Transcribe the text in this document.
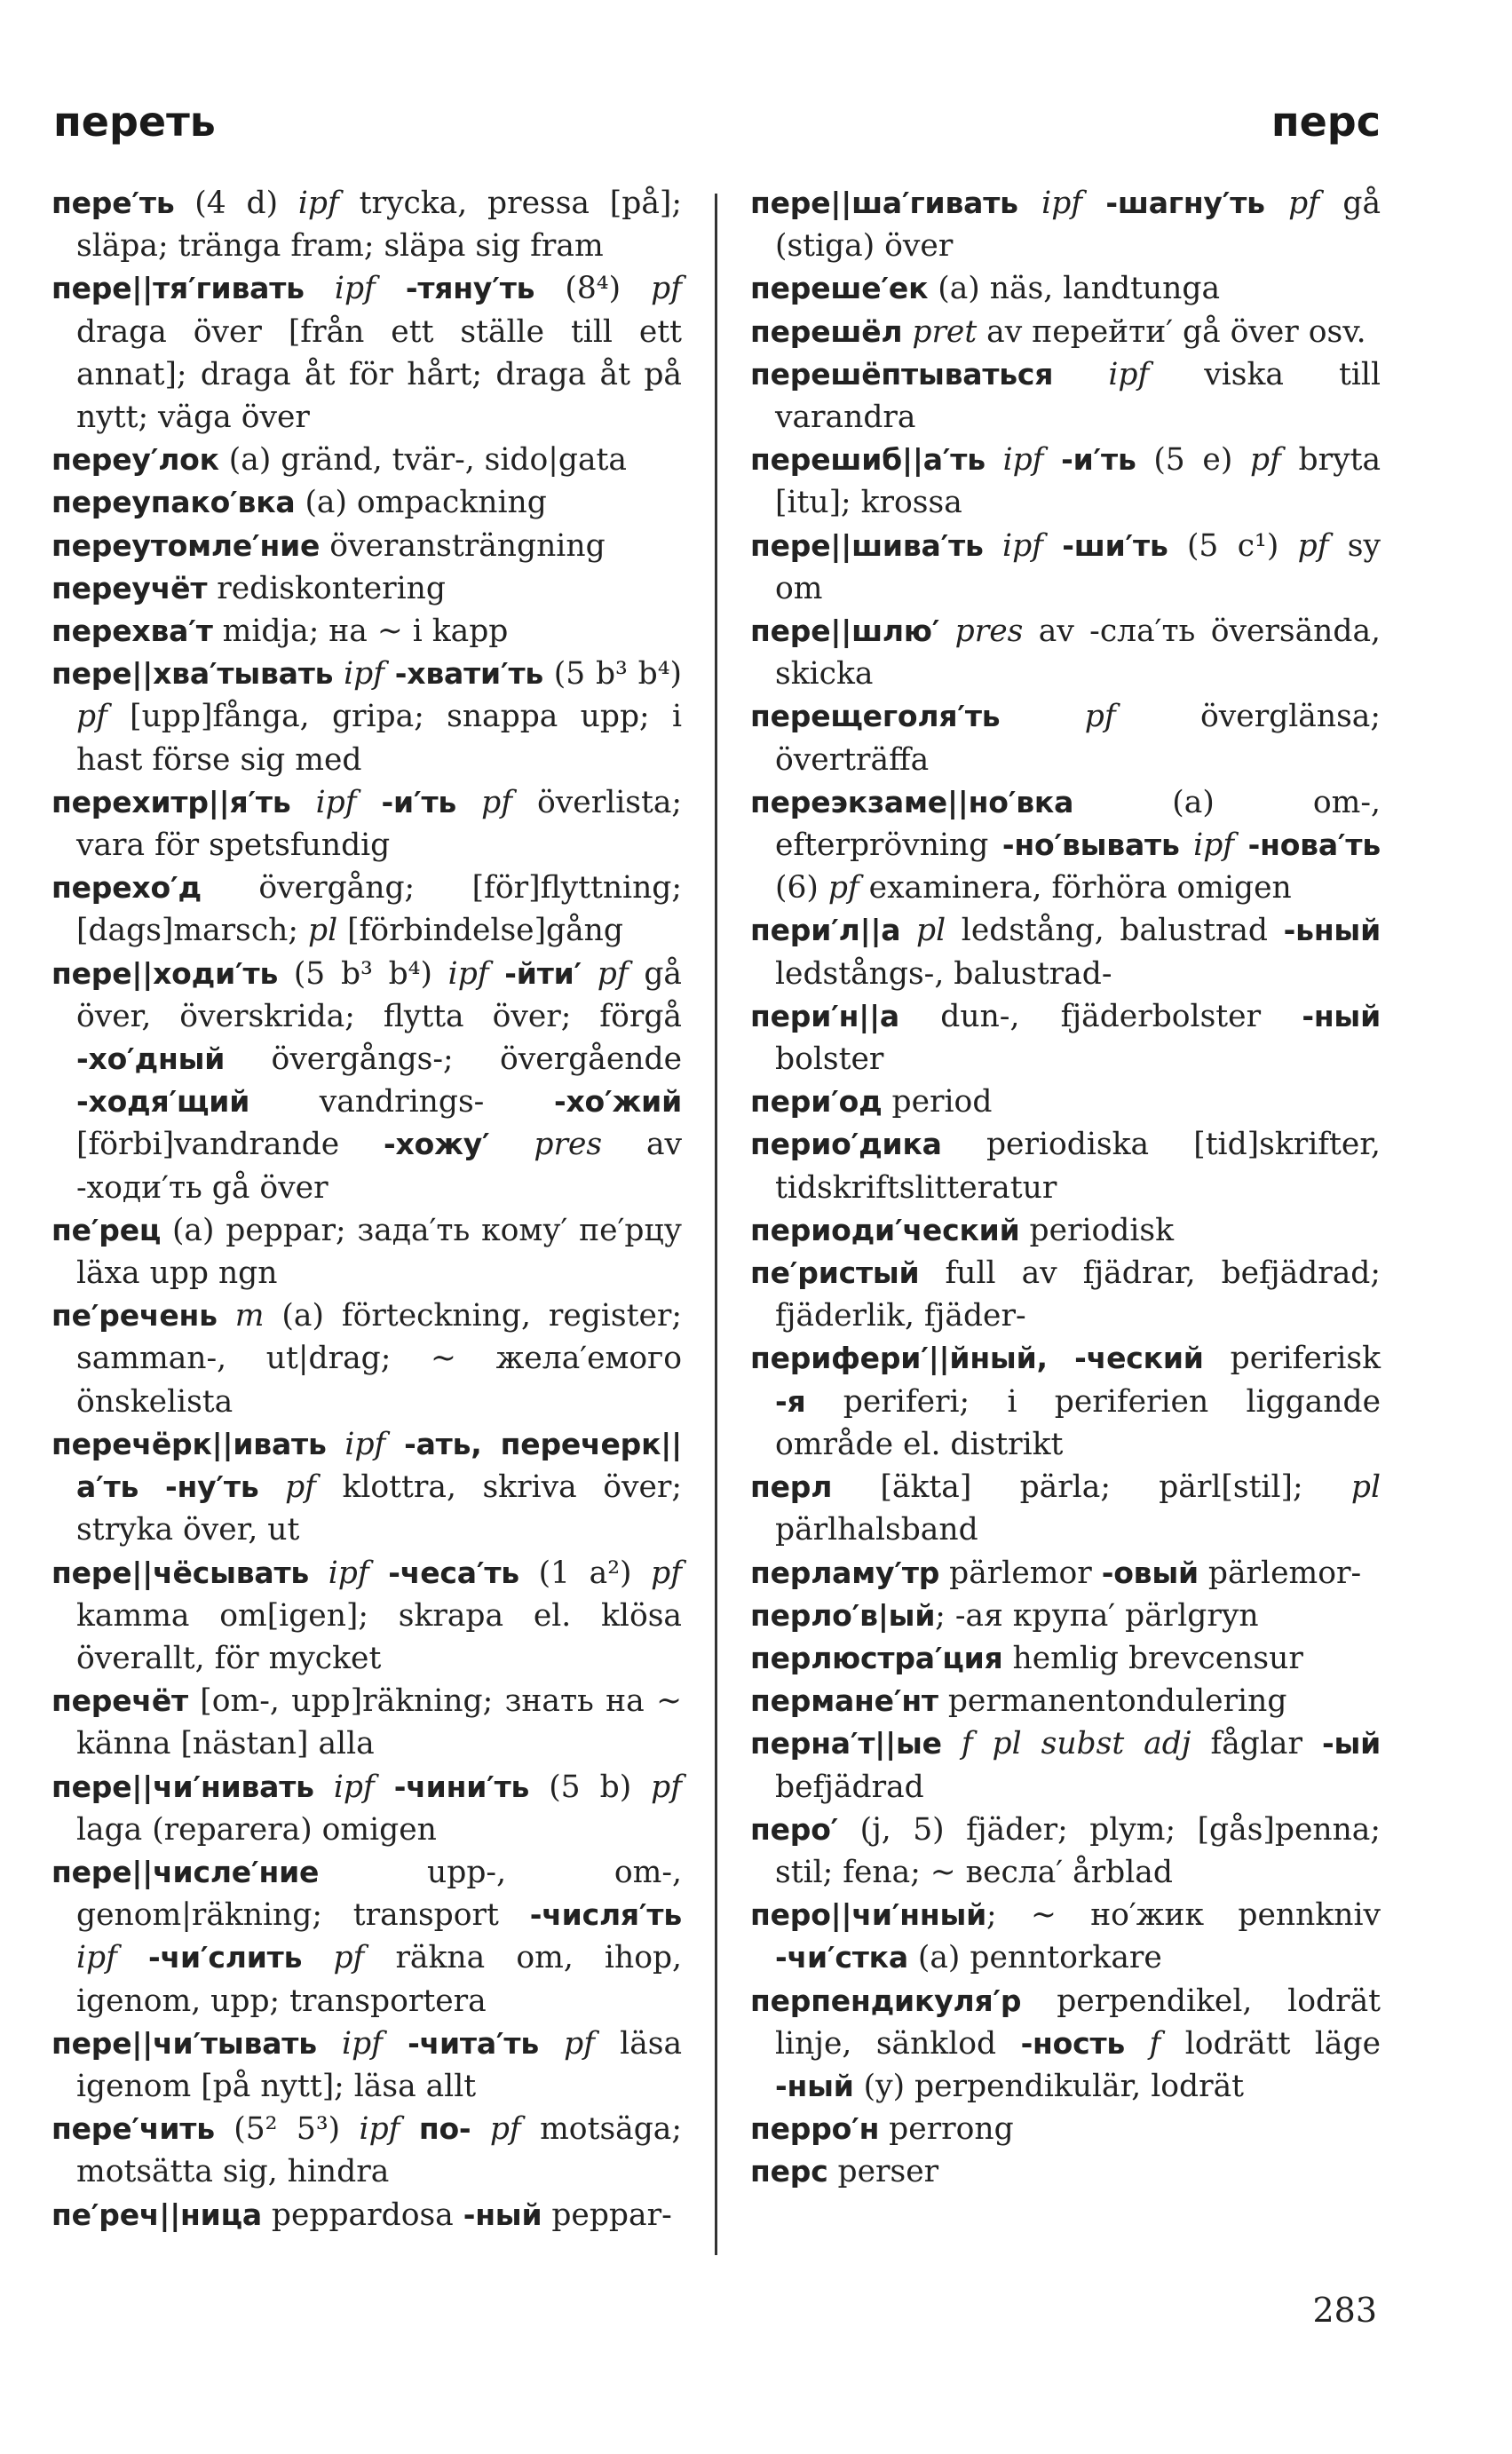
переть	перс

пере′ть (4 d) ipf trycka, pressa [på]; släpa; tränga fram; släpa sig fram

пере||тя′гивать ipf -тяну′ть (8⁴) pf draga över [från ett ställe till ett annat]; draga åt för hårt; draga åt på nytt; väga över

переу′лок (a) gränd, tvär-, sido|gata

переупако′вка (a) ompackning

переутомле′ние överansträngning

переучёт rediskontering

перехва′т midja; на ~ i kapp

пере||хва′тывать ipf -хвати′ть (5 b³ b⁴) pf [upp]fånga, gripa; snappa upp; i hast förse sig med

перехитр||я′ть ipf -и′ть pf överlista; vara för spetsfundig

перехо′д övergång; [för]flyttning; [dags]marsch; pl [förbindelse]gång

пере||ходи′ть (5 b³ b⁴) ipf -йти′ pf gå över, överskrida; flytta över; förgå -хо′дный övergångs-; övergående -ходя′щий vandrings- -хо′жий [förbi]vandrande -хожу′ pres av -ходи′ть gå över

пе′рец (a) peppar; зада′ть кому′ пе′рцу läxa upp ngn

пе′речень m (a) förteckning, register; samman-, ut|drag; ~ жела′емого önskelista

перечёрк||ивать ipf -ать, перечерк||а′ть -ну′ть pf klottra, skriva över; stryka över, ut

пере||чёсывать ipf -чеса′ть (1 a²) pf kamma om[igen]; skrapa el. klösa överallt, för mycket

перечёт [om-, upp]räkning; знать на ~ känna [nästan] alla

пере||чи′нивать ipf -чини′ть (5 b) pf laga (reparera) omigen

пере||числе′ние upp-, om-, genom|räkning; transport -числя′ть ipf -чи′слить pf räkna om, ihop, igenom, upp; transportera

пере||чи′тывать ipf -чита′ть pf läsa igenom [på nytt]; läsa allt

пере′чить (5² 5³) ipf по- pf motsäga; motsätta sig, hindra

пе′реч||ница peppardosa -ный peppar-

пере||ша′гивать ipf -шагну′ть pf gå (stiga) över

переше′ек (a) näs, landtunga

перешёл pret av перейти′ gå över osv.

перешёптываться ipf viska till varandra

перешиб||а′ть ipf -и′ть (5 e) pf bryta [itu]; krossa

пере||шива′ть ipf -ши′ть (5 c¹) pf sy om

пере||шлю′ pres av -сла′ть översända, skicka

перещеголя′ть	pf överglänsa; överträffa

переэкзаме||но′вка (a) om-, efterprövning -но′вывать ipf -нова′ть (6) pf examinera, förhöra omigen

пери′л||а pl ledstång, balustrad -ьный ledstångs-, balustrad-

пери′н||а dun-, fjäderbolster -ный bolster

пери′од period

перио′дика periodiska [tid]skrifter, tidskriftslitteratur

периоди′ческий periodisk

пе′ристый full av fjädrar, befjädrad; fjäderlik, fjäder-

перифери′||йный, -ческий periferisk -я periferi; i periferien liggande område el. distrikt

перл [äkta] pärla; pärl[stil]; pl pärlhalsband

перламу′тр pärlemor -овый pärlemor-

перло′в|ый; -ая крупа′ pärlgryn

перлюстра′ция hemlig brevcensur

перманe′нт permanentondulering

перна′т||ые f pl subst adj fåglar -ый befjädrad

перо′ (j, 5) fjäder; plym; [gås]penna; stil; fena; ~ весла′ årblad

перо||чи′нный; ~ но′жик pennkniv -чи′стка (a) penntorkare

перпендикуля′р perpendikel, lodrät linje, sänklod -ность f lodrätt läge -ный (y) perpendikulär, lodrät

перро′н perrong

перс perser

283
